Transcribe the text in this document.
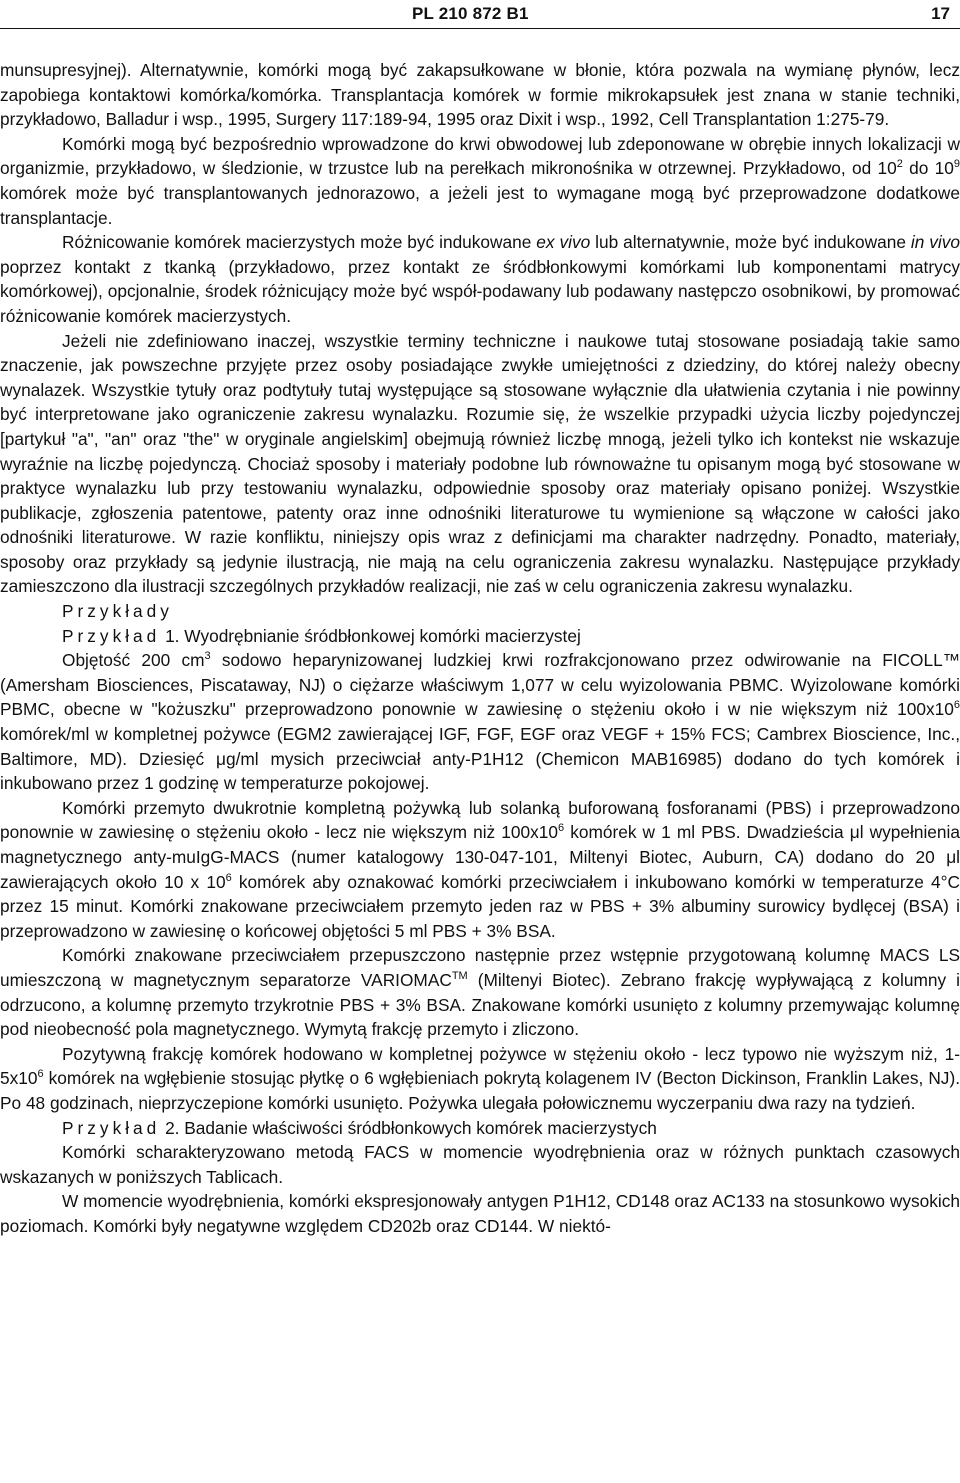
PL 210 872 B1	17

munsupresyjnej). Alternatywnie, komórki mogą być zakapsułkowane w błonie, która pozwala na wymianę płynów, lecz zapobiega kontaktowi komórka/komórka. Transplantacja komórek w formie mikrokapsułek jest znana w stanie techniki, przykładowo, Balladur i wsp., 1995, Surgery 117:189-94, 1995 oraz Dixit i wsp., 1992, Cell Transplantation 1:275-79.

Komórki mogą być bezpośrednio wprowadzone do krwi obwodowej lub zdeponowane w obrębie innych lokalizacji w organizmie, przykładowo, w śledzionie, w trzustce lub na perełkach mikronośnika w otrzewnej. Przykładowo, od $10^2$ do $10^9$ komórek może być transplantowanych jednorazowo, a jeżeli jest to wymagane mogą być przeprowadzone dodatkowe transplantacje.

Różnicowanie komórek macierzystych może być indukowane ex vivo lub alternatywnie, może być indukowane in vivo poprzez kontakt z tkanką (przykładowo, przez kontakt ze śródbłonkowymi komórkami lub komponentami matrycy komórkowej), opcjonalnie, środek różnicujący może być współ-podawany lub podawany następczo osobnikowi, by promować różnicowanie komórek macierzystych.

Jeżeli nie zdefiniowano inaczej, wszystkie terminy techniczne i naukowe tutaj stosowane posiadają takie samo znaczenie, jak powszechne przyjęte przez osoby posiadające zwykłe umiejętności z dziedziny, do której należy obecny wynalazek. Wszystkie tytuły oraz podtytuły tutaj występujące są stosowane wyłącznie dla ułatwienia czytania i nie powinny być interpretowane jako ograniczenie zakresu wynalazku. Rozumie się, że wszelkie przypadki użycia liczby pojedynczej [partykuł "a", "an" oraz "the" w oryginale angielskim] obejmują również liczbę mnogą, jeżeli tylko ich kontekst nie wskazuje wyraźnie na liczbę pojedynczą. Chociaż sposoby i materiały podobne lub równoważne tu opisanym mogą być stosowane w praktyce wynalazku lub przy testowaniu wynalazku, odpowiednie sposoby oraz materiały opisano poniżej. Wszystkie publikacje, zgłoszenia patentowe, patenty oraz inne odnośniki literaturowe tu wymienione są włączone w całości jako odnośniki literaturowe. W razie konfliktu, niniejszy opis wraz z definicjami ma charakter nadrzędny. Ponadto, materiały, sposoby oraz przykłady są jedynie ilustracją, nie mają na celu ograniczenia zakresu wynalazku. Następujące przykłady zamieszczono dla ilustracji szczególnych przykładów realizacji, nie zaś w celu ograniczenia zakresu wynalazku.

Przykłady

Przykład 1. Wyodrębnianie śródbłonkowej komórki macierzystej

Objętość 200 $cm^3$ sodowo heparynizowanej ludzkiej krwi rozfrakcjonowano przez odwirowanie na FICOLL™ (Amersham Biosciences, Piscataway, NJ) o ciężarze właściwym 1,077 w celu wyizolowania PBMC. Wyizolowane komórki PBMC, obecne w "kożuszku" przeprowadzono ponownie w zawiesinę o stężeniu około i w nie większym niż $100x10^6$ komórek/ml w kompletnej pożywce (EGM2 zawierającej IGF, FGF, EGF oraz VEGF + 15% FCS; Cambrex Bioscience, Inc., Baltimore, MD). Dziesięć μg/ml mysich przeciwciał anty-P1H12 (Chemicon MAB16985) dodano do tych komórek i inkubowano przez 1 godzinę w temperaturze pokojowej.

Komórki przemyto dwukrotnie kompletną pożywką lub solanką buforowaną fosforanami (PBS) i przeprowadzono ponownie w zawiesinę o stężeniu około - lecz nie większym niż $100x10^6$ komórek w 1 ml PBS. Dwadzieścia μl wypełnienia magnetycznego anty-muIgG-MACS (numer katalogowy 130-047-101, Miltenyi Biotec, Auburn, CA) dodano do 20 μl zawierających około 10 x $10^6$ komórek aby oznakować komórki przeciwciałem i inkubowano komórki w temperaturze 4°C przez 15 minut. Komórki znakowane przeciwciałem przemyto jeden raz w PBS + 3% albuminy surowicy bydlęcej (BSA) i przeprowadzono w zawiesinę o końcowej objętości 5 ml PBS + 3% BSA.

Komórki znakowane przeciwciałem przepuszczono następnie przez wstępnie przygotowaną kolumnę MACS LS umieszczoną w magnetycznym separatorze VARIOMAC™ (Miltenyi Biotec). Zebrano frakcję wypływającą z kolumny i odrzucono, a kolumnę przemyto trzykrotnie PBS + 3% BSA. Znakowane komórki usunięto z kolumny przemywając kolumnę pod nieobecność pola magnetycznego. Wymytą frakcję przemyto i zliczono.

Pozytywną frakcję komórek hodowano w kompletnej pożywce w stężeniu około - lecz typowo nie wyższym niż, $1-5x10^6$ komórek na wgłębienie stosując płytkę o 6 wgłębieniach pokrytą kolagenem IV (Becton Dickinson, Franklin Lakes, NJ). Po 48 godzinach, nieprzyczepione komórki usunięto. Pożywka ulegała połowicznemu wyczerpaniu dwa razy na tydzień.

Przykład 2. Badanie właściwości śródbłonkowych komórek macierzystych

Komórki scharakteryzowano metodą FACS w momencie wyodrębnienia oraz w różnych punktach czasowych wskazanych w poniższych Tablicach.

W momencie wyodrębnienia, komórki ekspresjonowały antygen P1H12, CD148 oraz AC133 na stosunkowo wysokich poziomach. Komórki były negatywne względem CD202b oraz CD144. W niektó-
